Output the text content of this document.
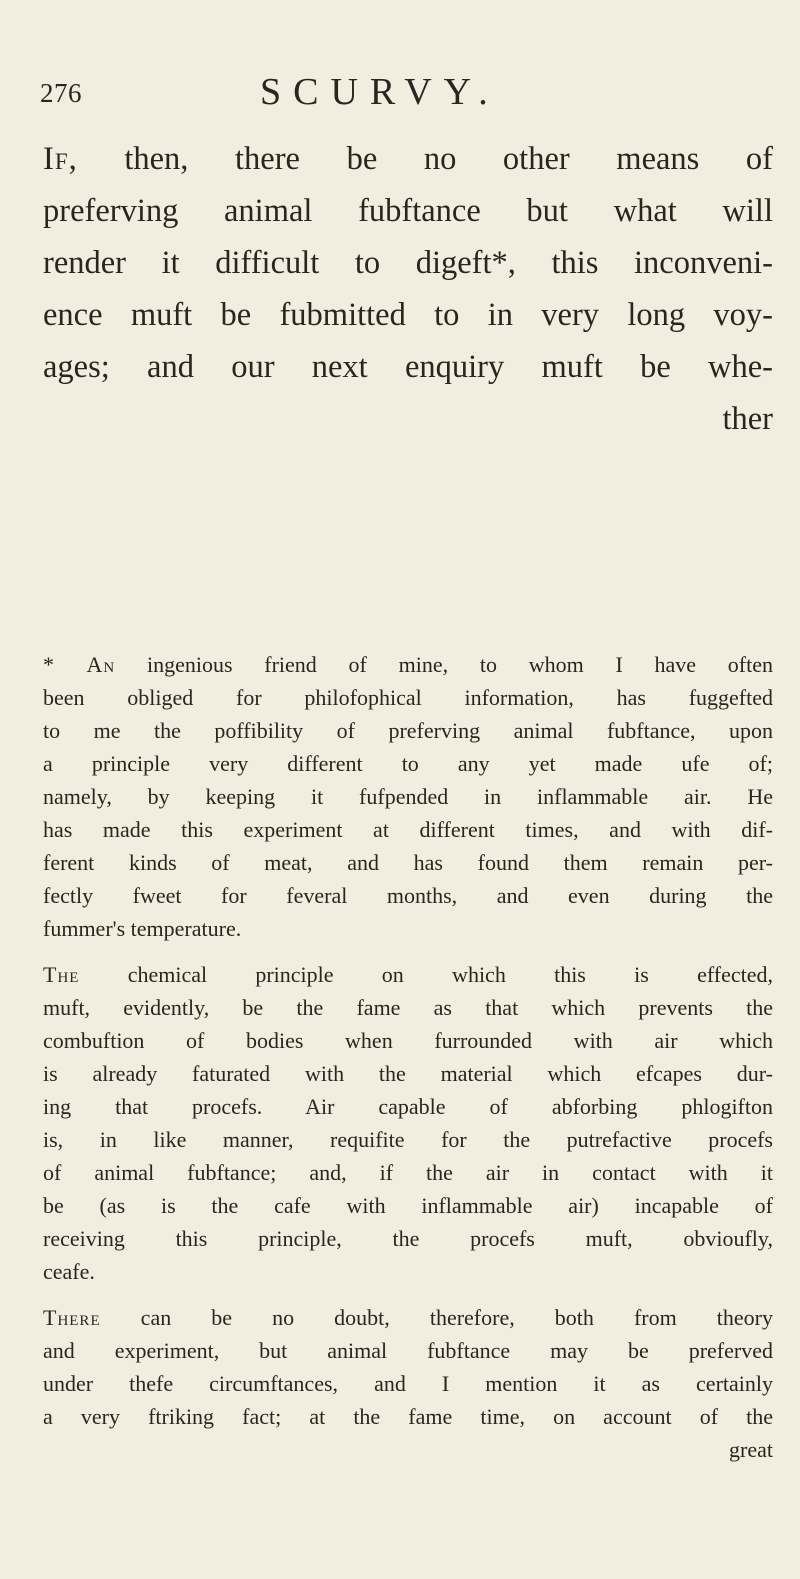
276	SCURVY.
If, then, there be no other means of
preferving animal fubftance but what will
render it difficult to digeft*, this inconveni-
ence muft be fubmitted to in very long voy-
ages; and our next enquiry muft be whe-
ther
* An ingenious friend of mine, to whom I have often
been obliged for philofophical information, has fuggefted
to me the poffibility of preferving animal fubftance, upon
a principle very different to any yet made ufe of;
namely, by keeping it fufpended in inflammable air. He
has made this experiment at different times, and with dif-
ferent kinds of meat, and has found them remain per-
fectly fweet for feveral months, and even during the
fummer's temperature.
The chemical principle on which this is effected,
muft, evidently, be the fame as that which prevents the
combuftion of bodies when furrounded with air which
is already faturated with the material which efcapes dur-
ing that procefs. Air capable of abforbing phlogifton
is, in like manner, requifite for the putrefactive procefs
of animal fubftance; and, if the air in contact with it
be (as is the cafe with inflammable air) incapable of
receiving this principle, the procefs muft, obvioufly,
ceafe.
There can be no doubt, therefore, both from theory
and experiment, but animal fubftance may be preferved
under thefe circumftances, and I mention it as certainly
a very ftriking fact; at the fame time, on account of the
great
